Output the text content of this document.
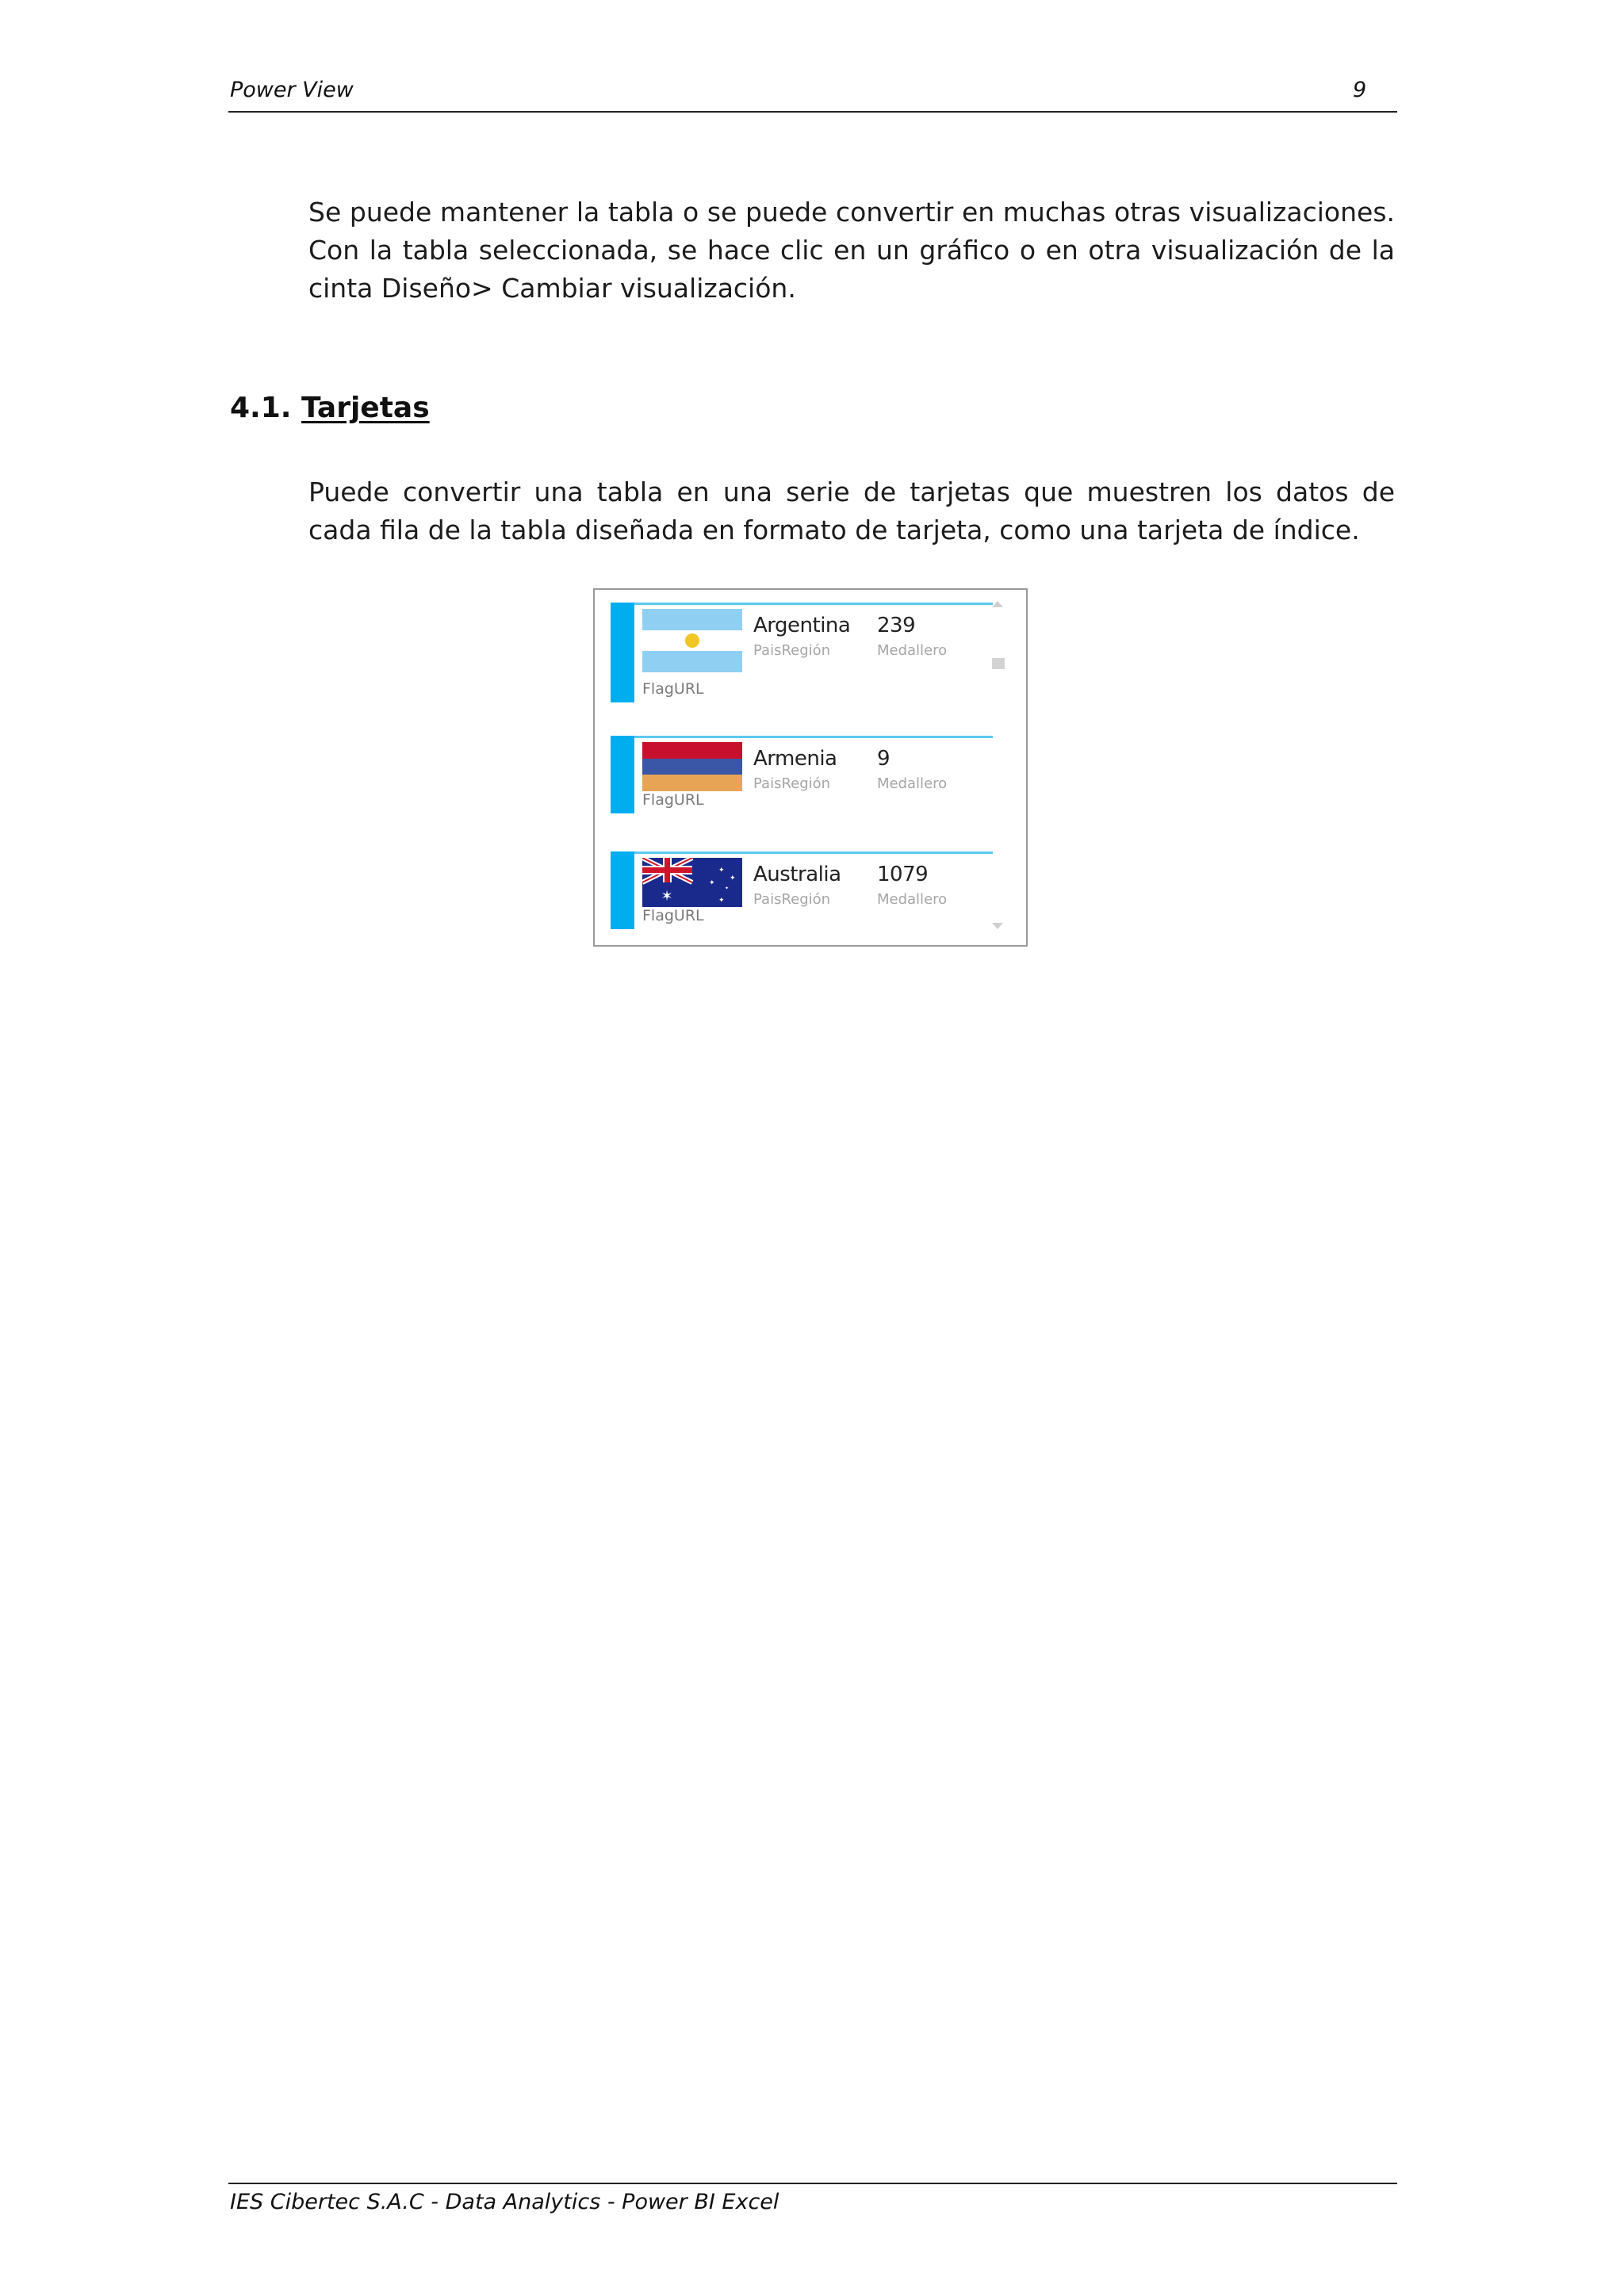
Power View	9
Se puede mantener la tabla o se puede convertir en muchas otras visualizaciones. Con la tabla seleccionada, se hace clic en un gráfico o en otra visualización de la cinta Diseño> Cambiar visualización.
4.1. Tarjetas
Puede convertir una tabla en una serie de tarjetas que muestren los datos de cada fila de la tabla diseñada en formato de tarjeta, como una tarjeta de índice.
FlagURL
Argentina
PaisRegión
239
Medallero
FlagURL
Armenia
PaisRegión
9
Medallero
✶
✦
✦
✦
✦
✦
FlagURL
Australia
PaisRegión
1079
Medallero
IES Cibertec S.A.C - Data Analytics - Power BI Excel
